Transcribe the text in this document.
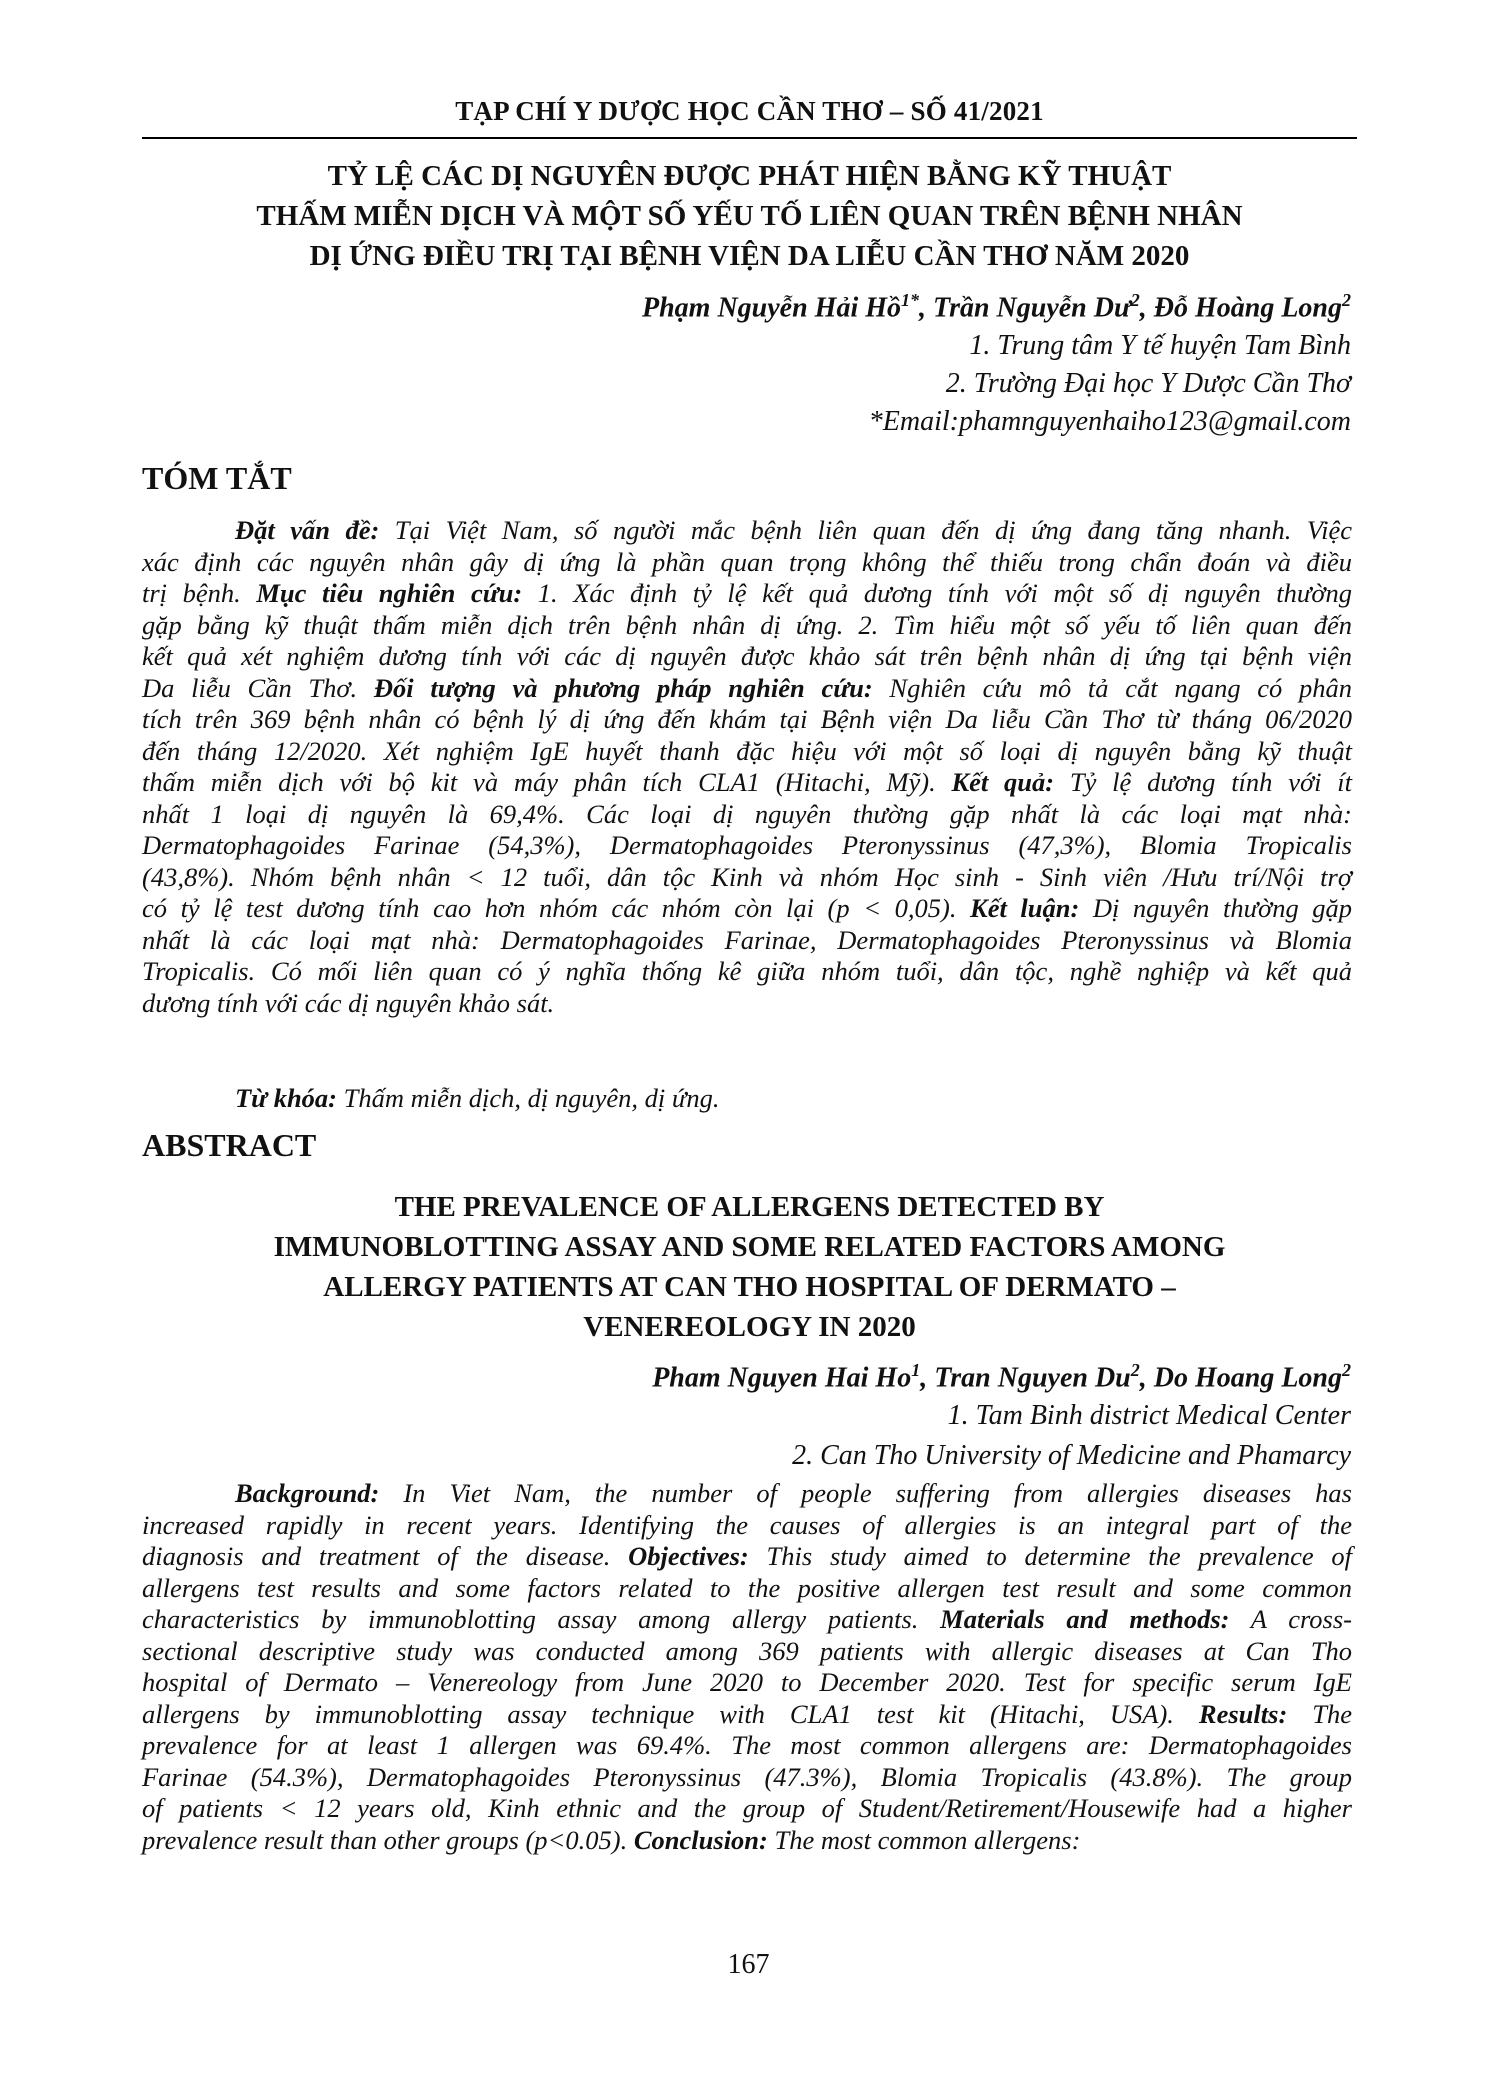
TẠP CHÍ Y DƯỢC HỌC CẦN THƠ – SỐ 41/2021
TỶ LỆ CÁC DỊ NGUYÊN ĐƯỢC PHÁT HIỆN BẰNG KỸ THUẬT
THẤM MIỄN DỊCH VÀ MỘT SỐ YẾU TỐ LIÊN QUAN TRÊN BỆNH NHÂN
DỊ ỨNG ĐIỀU TRỊ TẠI BỆNH VIỆN DA LIỄU CẦN THƠ NĂM 2020
Phạm Nguyễn Hải Hồ$^{1*}$, Trần Nguyễn $Dư^2$, Đỗ Hoàng Long$^2$
1. Trung tâm Y tế huyện Tam Bình
2. Trường Đại học Y Dược Cần Thơ
*Email:phamnguyenhaiho123@gmail.com
TÓM TẮT
Đặt vấn đề: Tại Việt Nam, số người mắc bệnh liên quan đến dị ứng đang tăng nhanh. Việc
xác định các nguyên nhân gây dị ứng là phần quan trọng không thể thiếu trong chẩn đoán và điều
trị bệnh. Mục tiêu nghiên cứu: 1. Xác định tỷ lệ kết quả dương tính với một số dị nguyên thường
gặp bằng kỹ thuật thấm miễn dịch trên bệnh nhân dị ứng. 2. Tìm hiểu một số yếu tố liên quan đến
kết quả xét nghiệm dương tính với các dị nguyên được khảo sát trên bệnh nhân dị ứng tại bệnh viện
Da liễu Cần Thơ. Đối tượng và phương pháp nghiên cứu: Nghiên cứu mô tả cắt ngang có phân
tích trên 369 bệnh nhân có bệnh lý dị ứng đến khám tại Bệnh viện Da liễu Cần Thơ từ tháng 06/2020
đến tháng 12/2020. Xét nghiệm IgE huyết thanh đặc hiệu với một số loại dị nguyên bằng kỹ thuật
thấm miễn dịch với bộ kit và máy phân tích CLA1 (Hitachi, Mỹ). Kết quả: Tỷ lệ dương tính với ít
nhất 1 loại dị nguyên là 69,4%. Các loại dị nguyên thường gặp nhất là các loại mạt nhà:
Dermatophagoides Farinae (54,3%), Dermatophagoides Pteronyssinus (47,3%), Blomia Tropicalis
(43,8%). Nhóm bệnh nhân < 12 tuổi, dân tộc Kinh và nhóm Học sinh - Sinh viên /Hưu trí/Nội trợ
có tỷ lệ test dương tính cao hơn nhóm các nhóm còn lại (p < 0,05). Kết luận: Dị nguyên thường gặp
nhất là các loại mạt nhà: Dermatophagoides Farinae, Dermatophagoides Pteronyssinus và Blomia
Tropicalis. Có mối liên quan có ý nghĩa thống kê giữa nhóm tuổi, dân tộc, nghề nghiệp và kết quả
dương tính với các dị nguyên khảo sát.
Từ khóa: Thấm miễn dịch, dị nguyên, dị ứng.
ABSTRACT
THE PREVALENCE OF ALLERGENS DETECTED BY
IMMUNOBLOTTING ASSAY AND SOME RELATED FACTORS AMONG
ALLERGY PATIENTS AT CAN THO HOSPITAL OF DERMATO –
VENEREOLOGY IN 2020
Pham Nguyen Hai Ho$^1$, Tran Nguyen Du$^2$, Do Hoang Long$^2$
1. Tam Binh district Medical Center
2. Can Tho University of Medicine and Phamarcy
Background: In Viet Nam, the number of people suffering from allergies diseases has
increased rapidly in recent years. Identifying the causes of allergies is an integral part of the
diagnosis and treatment of the disease. Objectives: This study aimed to determine the prevalence of
allergens test results and some factors related to the positive allergen test result and some common
characteristics by immunoblotting assay among allergy patients. Materials and methods: A cross-
sectional descriptive study was conducted among 369 patients with allergic diseases at Can Tho
hospital of Dermato – Venereology from June 2020 to December 2020. Test for specific serum IgE
allergens by immunoblotting assay technique with CLA1 test kit (Hitachi, USA). Results: The
prevalence for at least 1 allergen was 69.4%. The most common allergens are: Dermatophagoides
Farinae (54.3%), Dermatophagoides Pteronyssinus (47.3%), Blomia Tropicalis (43.8%). The group
of patients < 12 years old, Kinh ethnic and the group of Student/Retirement/Housewife had a higher
prevalence result than other groups (p<0.05). Conclusion: The most common allergens:
167
